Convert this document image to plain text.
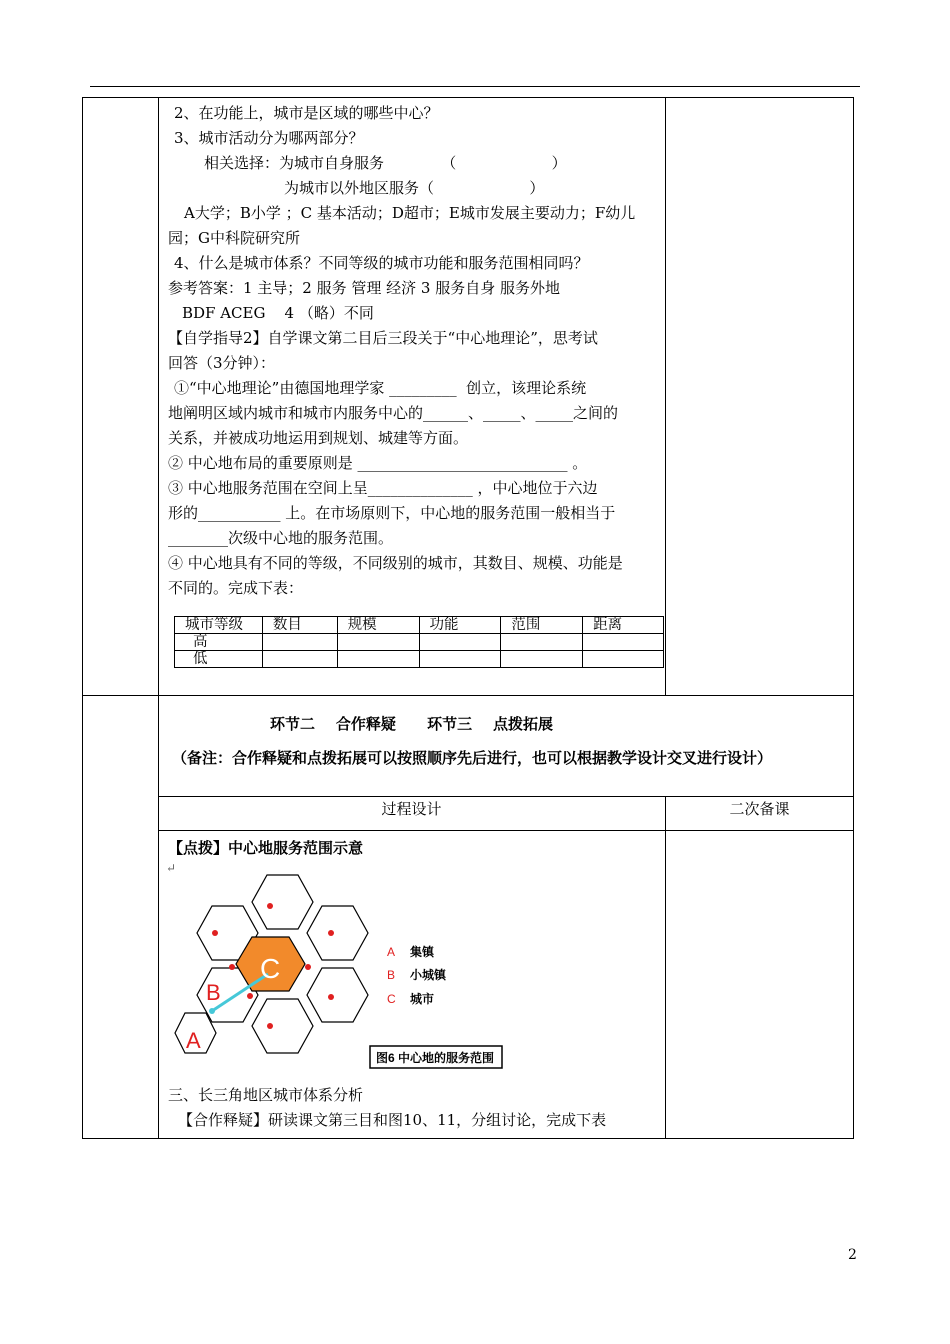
2、在功能上，城市是区域的哪些中心？
3、城市活动分为哪两部分？
相关选择：为城市自身服务            （                    ）
为城市以外地区服务（                    ）
A大学；B小学 ；C 基本活动；D超市；E城市发展主要动力；F幼儿
园；G中科院研究所
4、什么是城市体系？不同等级的城市功能和服务范围相同吗？
参考答案：1 主导；2 服务 管理 经济 3 服务自身 服务外地
BDF ACEG    4 （略）不同
【自学指导2】自学课文第二目后三段关于“中心地理论”，思考试
回答（3分钟）：
①“中心地理论”由德国地理学家 _________  创立，该理论系统
地阐明区域内城市和城市内服务中心的______、_____、_____之间的
关系，并被成功地运用到规划、城建等方面。
② 中心地布局的重要原则是 ____________________________ 。
③ 中心地服务范围在空间上呈______________ ，中心地位于六边
形的___________ 上。在市场原则下，中心地的服务范围一般相当于
________次级中心地的服务范围。
④ 中心地具有不同的等级，不同级别的城市，其数目、规模、功能是
不同的。完成下表：
城市等级	数目	规模	功能	范围	距离
高					
低					
环节二    合作释疑      环节三    点拨拓展
（备注：合作释疑和点拨拓展可以按照顺序先后进行，也可以根据教学设计交叉进行设计）
过程设计	二次备课
【点拨】中心地服务范围示意
↵
C
B
A
A 集镇
B 小城镇
C 城市
图6 中心地的服务范围
三、长三角地区城市体系分析
【合作释疑】研读课文第三目和图10、11，分组讨论，完成下表
2
